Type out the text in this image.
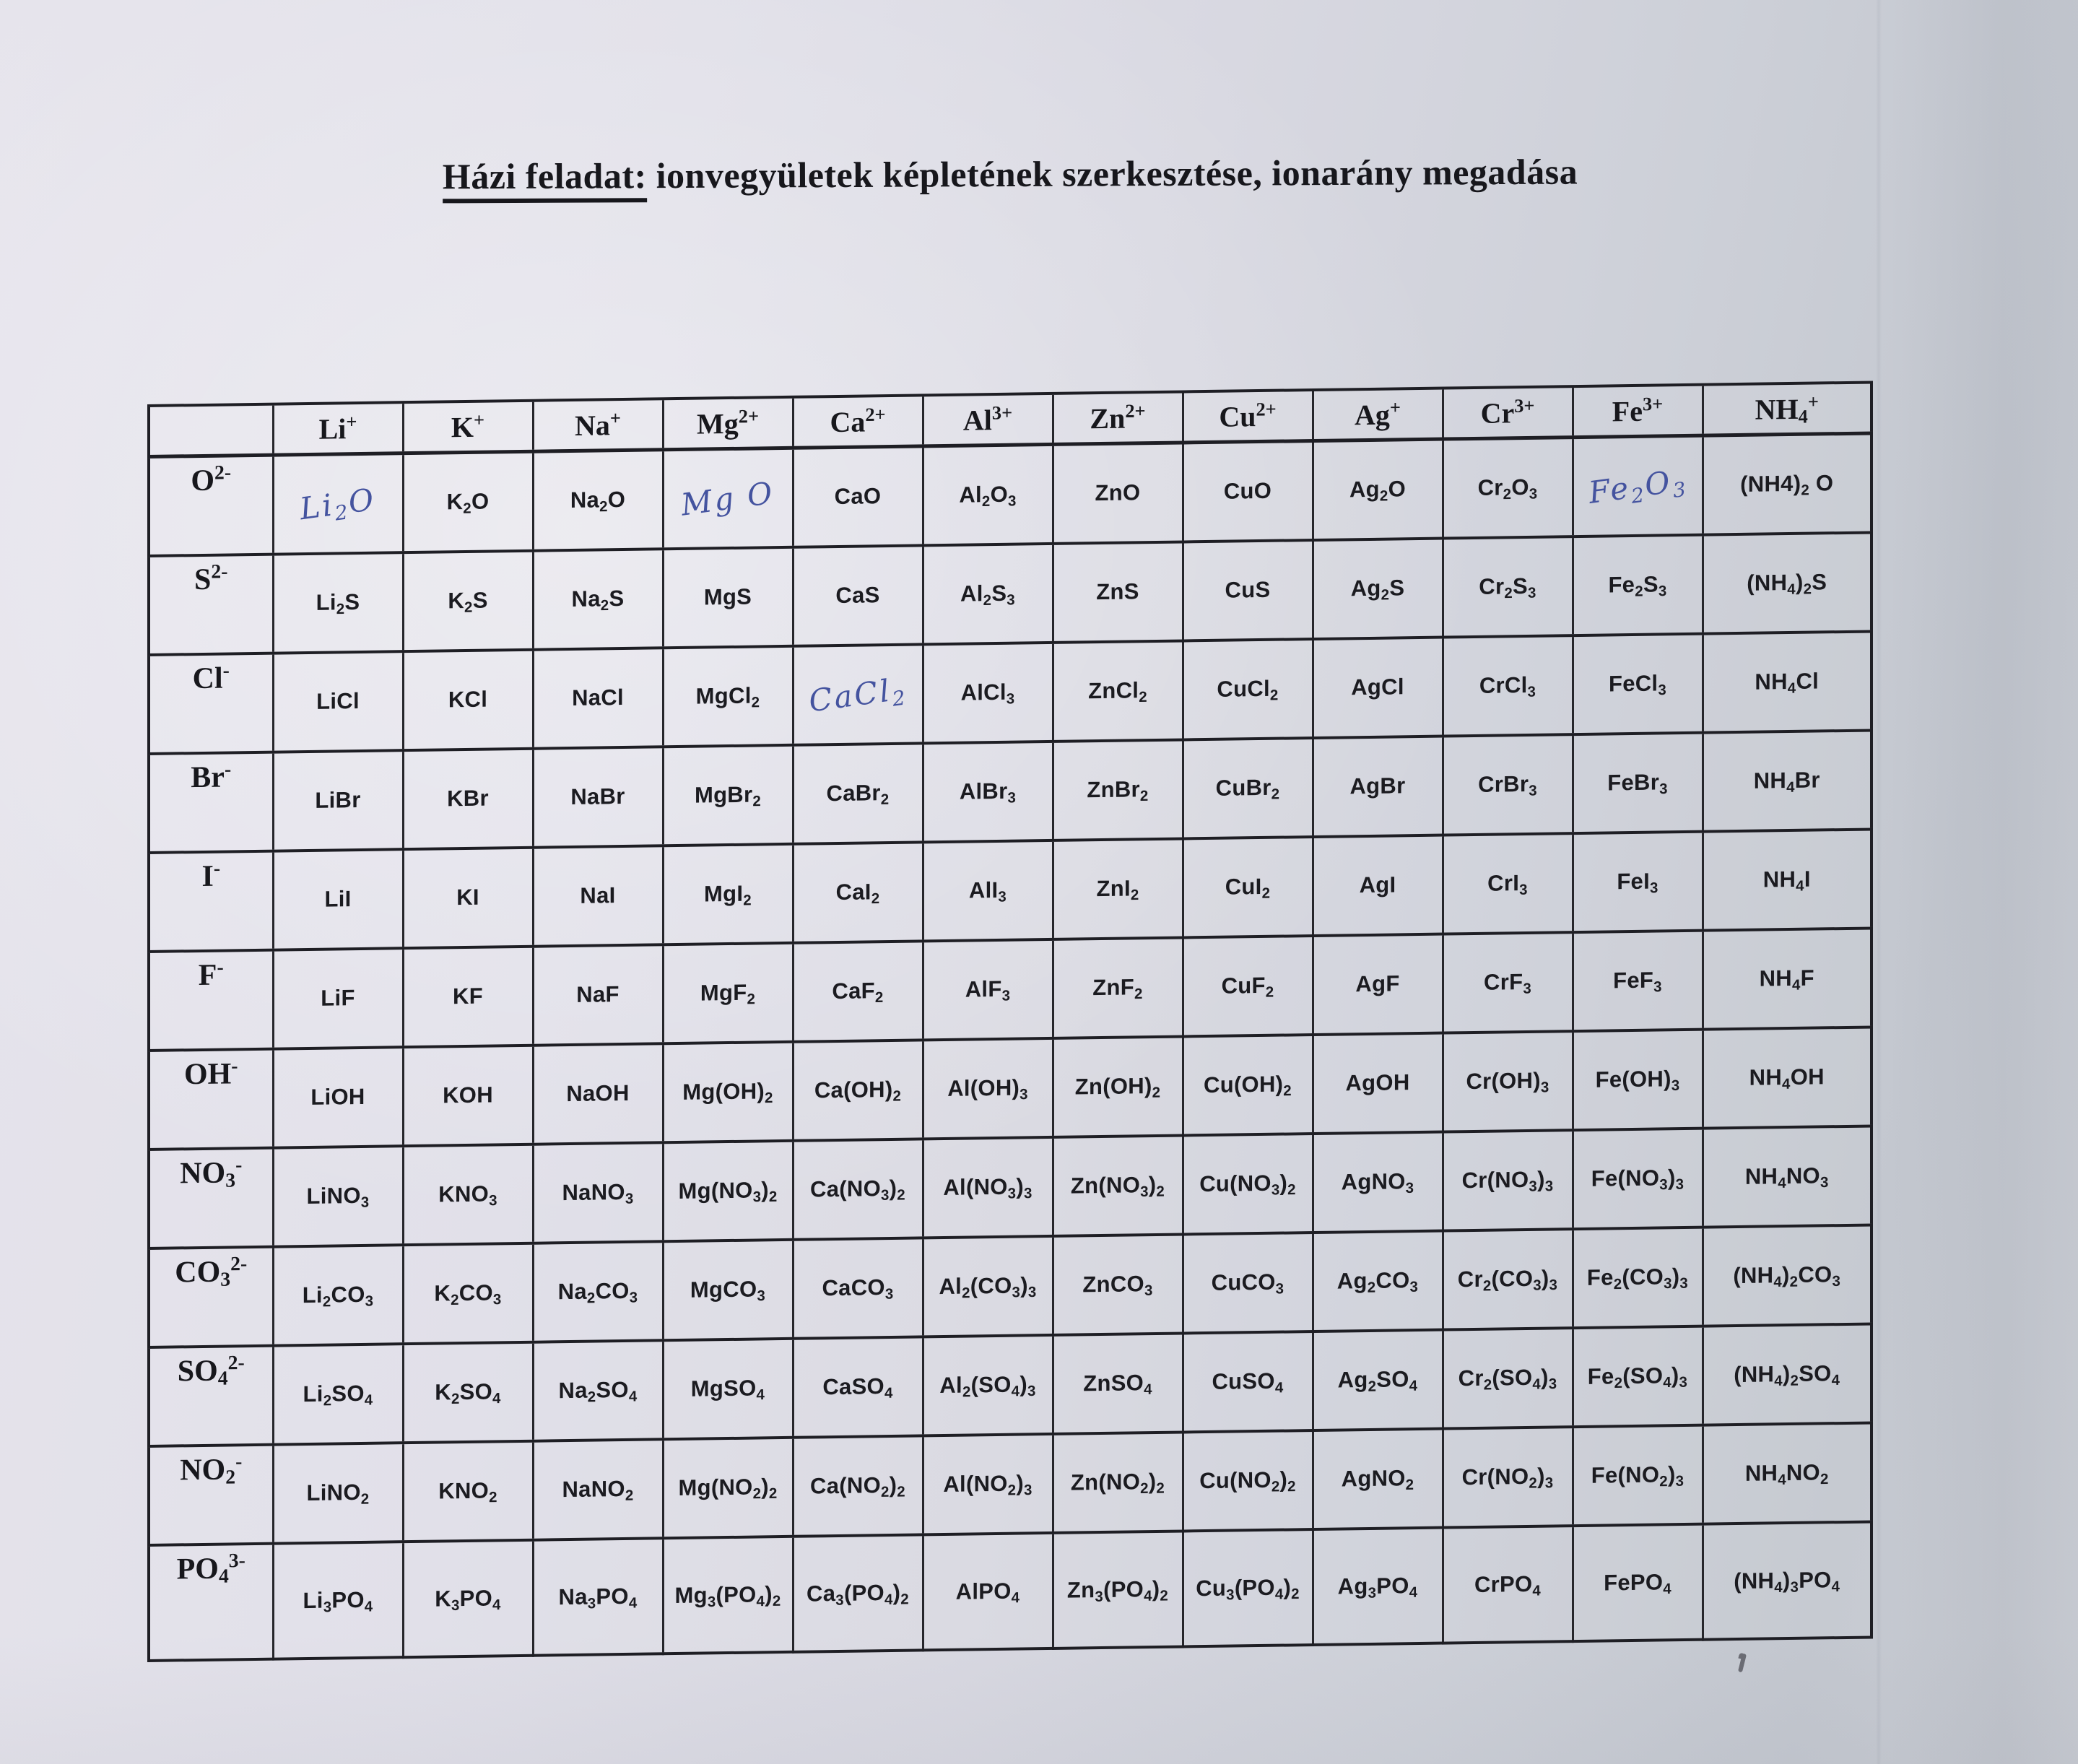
Házi feladat: ionvegyületek képletének szerkesztése, ionarány megadása
	Li+	K+	Na+	$Mg^{2+}$	$Ca^{2+}$	$Al^{3+}$	$Zn^{2+}$	$Cu^{2+}$	Ag+	$Cr^{3+}$	$Fe^{3+}$	$NH_4^+$
$O^{2-}$	$Li_2O$	$K_2O$	$Na_2O$	Mg O	CaO	$Al_2O_3$	ZnO	CuO	$Ag_2O$	$Cr_2O_3$	$Fe_2O_3$	$(NH4)_2$ O
$S^{2-}$	$Li_2S$	$K_2S$	$Na_2S$	MgS	CaS	$Al_2S_3$	ZnS	CuS	$Ag_2S$	$Cr_2S_3$	$Fe_2S_3$	$(NH_4)_2S$
Cl-	LiCl	KCl	NaCl	MgCl$_2$	CaCl$_2$	AlCl$_3$	ZnCl$_2$	CuCl$_2$	AgCl	CrCl$_3$	FeCl$_3$	$NH_4Cl$
Br-	LiBr	KBr	NaBr	MgBr$_2$	CaBr$_2$	AlBr$_3$	ZnBr$_2$	CuBr$_2$	AgBr	CrBr$_3$	FeBr$_3$	$NH_4Br$
I-	LiI	KI	NaI	MgI$_2$	CaI$_2$	AlI$_3$	ZnI$_2$	CuI$_2$	AgI	CrI$_3$	FeI$_3$	$NH_4I$
F-	LiF	KF	NaF	MgF$_2$	CaF$_2$	AlF$_3$	ZnF$_2$	CuF$_2$	AgF	CrF$_3$	FeF$_3$	$NH_4F$
OH-	LiOH	KOH	NaOH	$Mg(OH)_2$	$Ca(OH)_2$	$Al(OH)_3$	$Zn(OH)_2$	$Cu(OH)_2$	AgOH	$Cr(OH)_3$	$Fe(OH)_3$	$NH_4OH$
$NO_3^-$	LiNO$_3$	$KNO_3$	NaNO$_3$	$Mg(NO_3)_2$	$Ca(NO_3)_2$	$Al(NO_3)_3$	$Zn(NO_3)_2$	$Cu(NO_3)_2$	AgNO$_3$	$Cr(NO_3)_3$	$Fe(NO_3)_3$	$NH_4NO_3$
$CO_3^{2-}$	$Li_2CO_3$	$K_2CO_3$	$Na_2CO_3$	MgCO$_3$	CaCO$_3$	$Al_2(CO_3)_3$	ZnCO$_3$	CuCO$_3$	$Ag_2CO_3$	$Cr_2(CO_3)_3$	$Fe_2(CO_3)_3$	$(NH_4)_2CO_3$
$SO_4^{2-}$	$Li_2SO_4$	$K_2SO_4$	$Na_2SO_4$	MgSO$_4$	CaSO$_4$	$Al_2(SO_4)_3$	ZnSO$_4$	CuSO$_4$	$Ag_2SO_4$	$Cr_2(SO_4)_3$	$Fe_2(SO_4)_3$	$(NH_4)_2SO_4$
$NO_2^-$	LiNO$_2$	$KNO_2$	NaNO$_2$	$Mg(NO_2)_2$	$Ca(NO_2)_2$	$Al(NO_2)_3$	$Zn(NO_2)_2$	$Cu(NO_2)_2$	AgNO$_2$	$Cr(NO_2)_3$	$Fe(NO_2)_3$	$NH_4NO_2$
$PO_4^{3-}$	$Li_3PO_4$	$K_3PO_4$	$Na_3PO_4$	$Mg_3(PO_4)_2$	$Ca_3(PO_4)_2$	AlPO$_4$	$Zn_3(PO_4)_2$	$Cu_3(PO_4)_2$	$Ag_3PO_4$	CrPO$_4$	FePO$_4$	$(NH_4)_3PO_4$
